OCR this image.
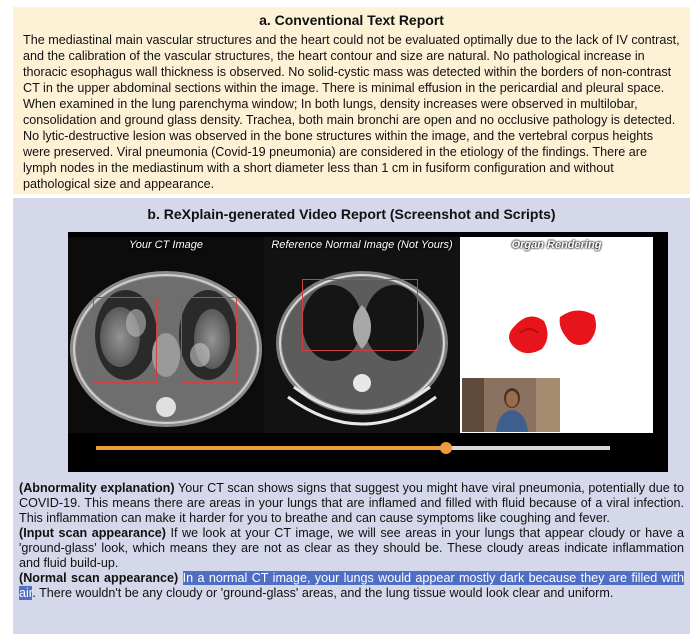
a. Conventional Text Report

The mediastinal main vascular structures and the heart could not be evaluated optimally due to the lack of IV contrast, and the calibration of the vascular structures, the heart contour and size are natural. No pathological increase in thoracic esophagus wall thickness is observed. No solid-cystic mass was detected within the borders of non-contrast CT in the upper abdominal sections within the image. There is minimal effusion in the pericardial and pleural space. When examined in the lung parenchyma window; In both lungs, density increases were observed in multilobar, consolidation and ground glass density. Trachea, both main bronchi are open and no occlusive pathology is detected. No lytic-destructive lesion was observed in the bone structures within the image, and the vertebral corpus heights were preserved. Viral pneumonia (Covid-19 pneumonia) are considered in the etiology of the findings. There are lymph nodes in the mediastinum with a short diameter less than 1 cm in fusiform configuration and without pathological size and appearance.

b. ReXplain-generated Video Report (Screenshot and Scripts)
Your CT Image	Reference Normal Image (Not Yours)	Organ Rendering

(Abnormality explanation) Your CT scan shows signs that suggest you might have viral pneumonia, potentially due to COVID-19. This means there are areas in your lungs that are inflamed and filled with fluid because of a viral infection. This inflammation can make it harder for you to breathe and can cause symptoms like coughing and fever.

(Input scan appearance) If we look at your CT image, we will see areas in your lungs that appear cloudy or have a 'ground-glass' look, which means they are not as clear as they should be. These cloudy areas indicate inflammation and fluid build-up.

(Normal scan appearance) In a normal CT image, your lungs would appear mostly dark because they are filled with air. There wouldn't be any cloudy or 'ground-glass' areas, and the lung tissue would look clear and uniform.
